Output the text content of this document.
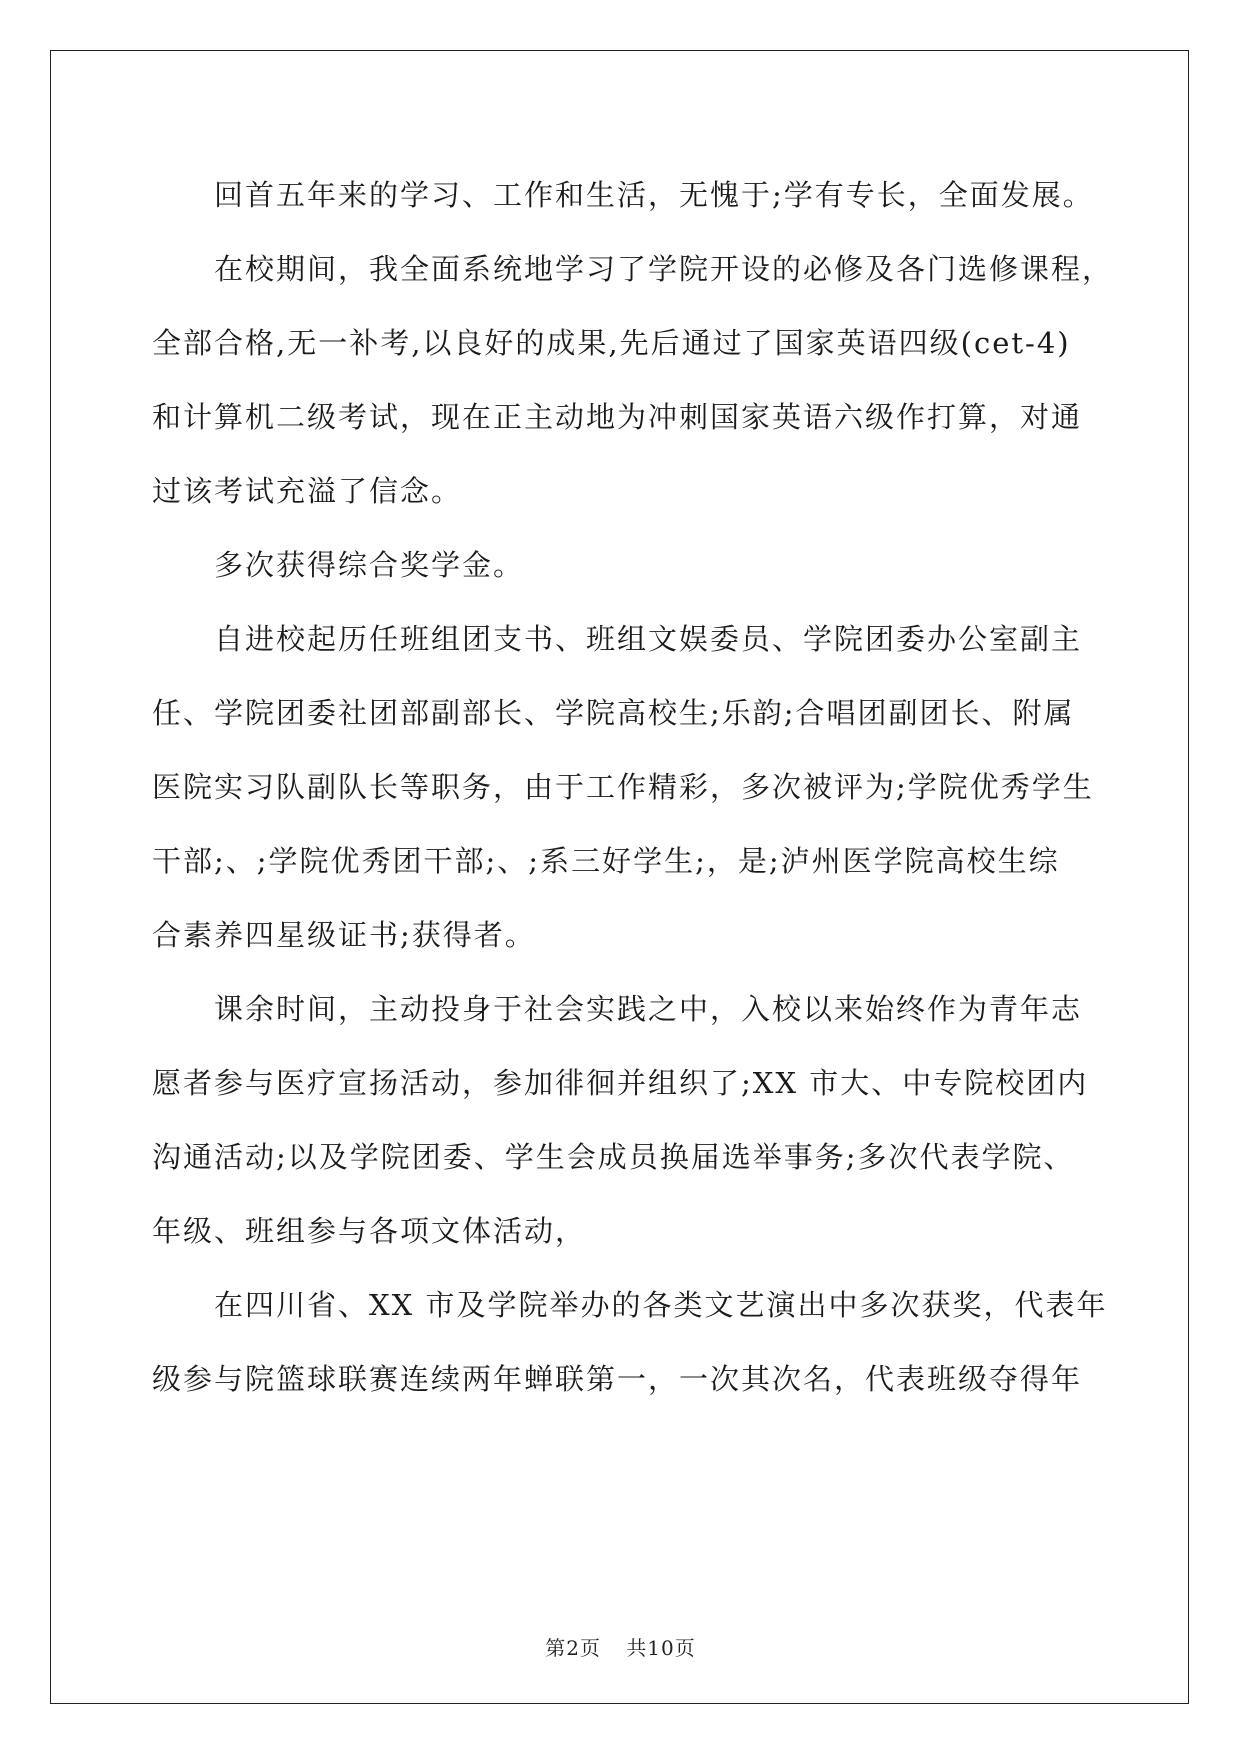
回首五年来的学习、工作和生活，无愧于;学有专长，全面发展。

在校期间，我全面系统地学习了学院开设的必修及各门选修课程，
全部合格,无一补考,以良好的成果,先后通过了国家英语四级(cet-4)
和计算机二级考试，现在正主动地为冲刺国家英语六级作打算，对通
过该考试充溢了信念。

多次获得综合奖学金。

自进校起历任班组团支书、班组文娱委员、学院团委办公室副主
任、学院团委社团部副部长、学院高校生;乐韵;合唱团副团长、附属
医院实习队副队长等职务，由于工作精彩，多次被评为;学院优秀学生
干部;、;学院优秀团干部;、;系三好学生;，是;泸州医学院高校生综
合素养四星级证书;获得者。

课余时间，主动投身于社会实践之中，入校以来始终作为青年志
愿者参与医疗宣扬活动，参加徘徊并组织了;XX 市大、中专院校团内
沟通活动;以及学院团委、学生会成员换届选举事务;多次代表学院、
年级、班组参与各项文体活动，

在四川省、XX 市及学院举办的各类文艺演出中多次获奖，代表年
级参与院篮球联赛连续两年蝉联第一，一次其次名，代表班级夺得年

第2页 共10页
